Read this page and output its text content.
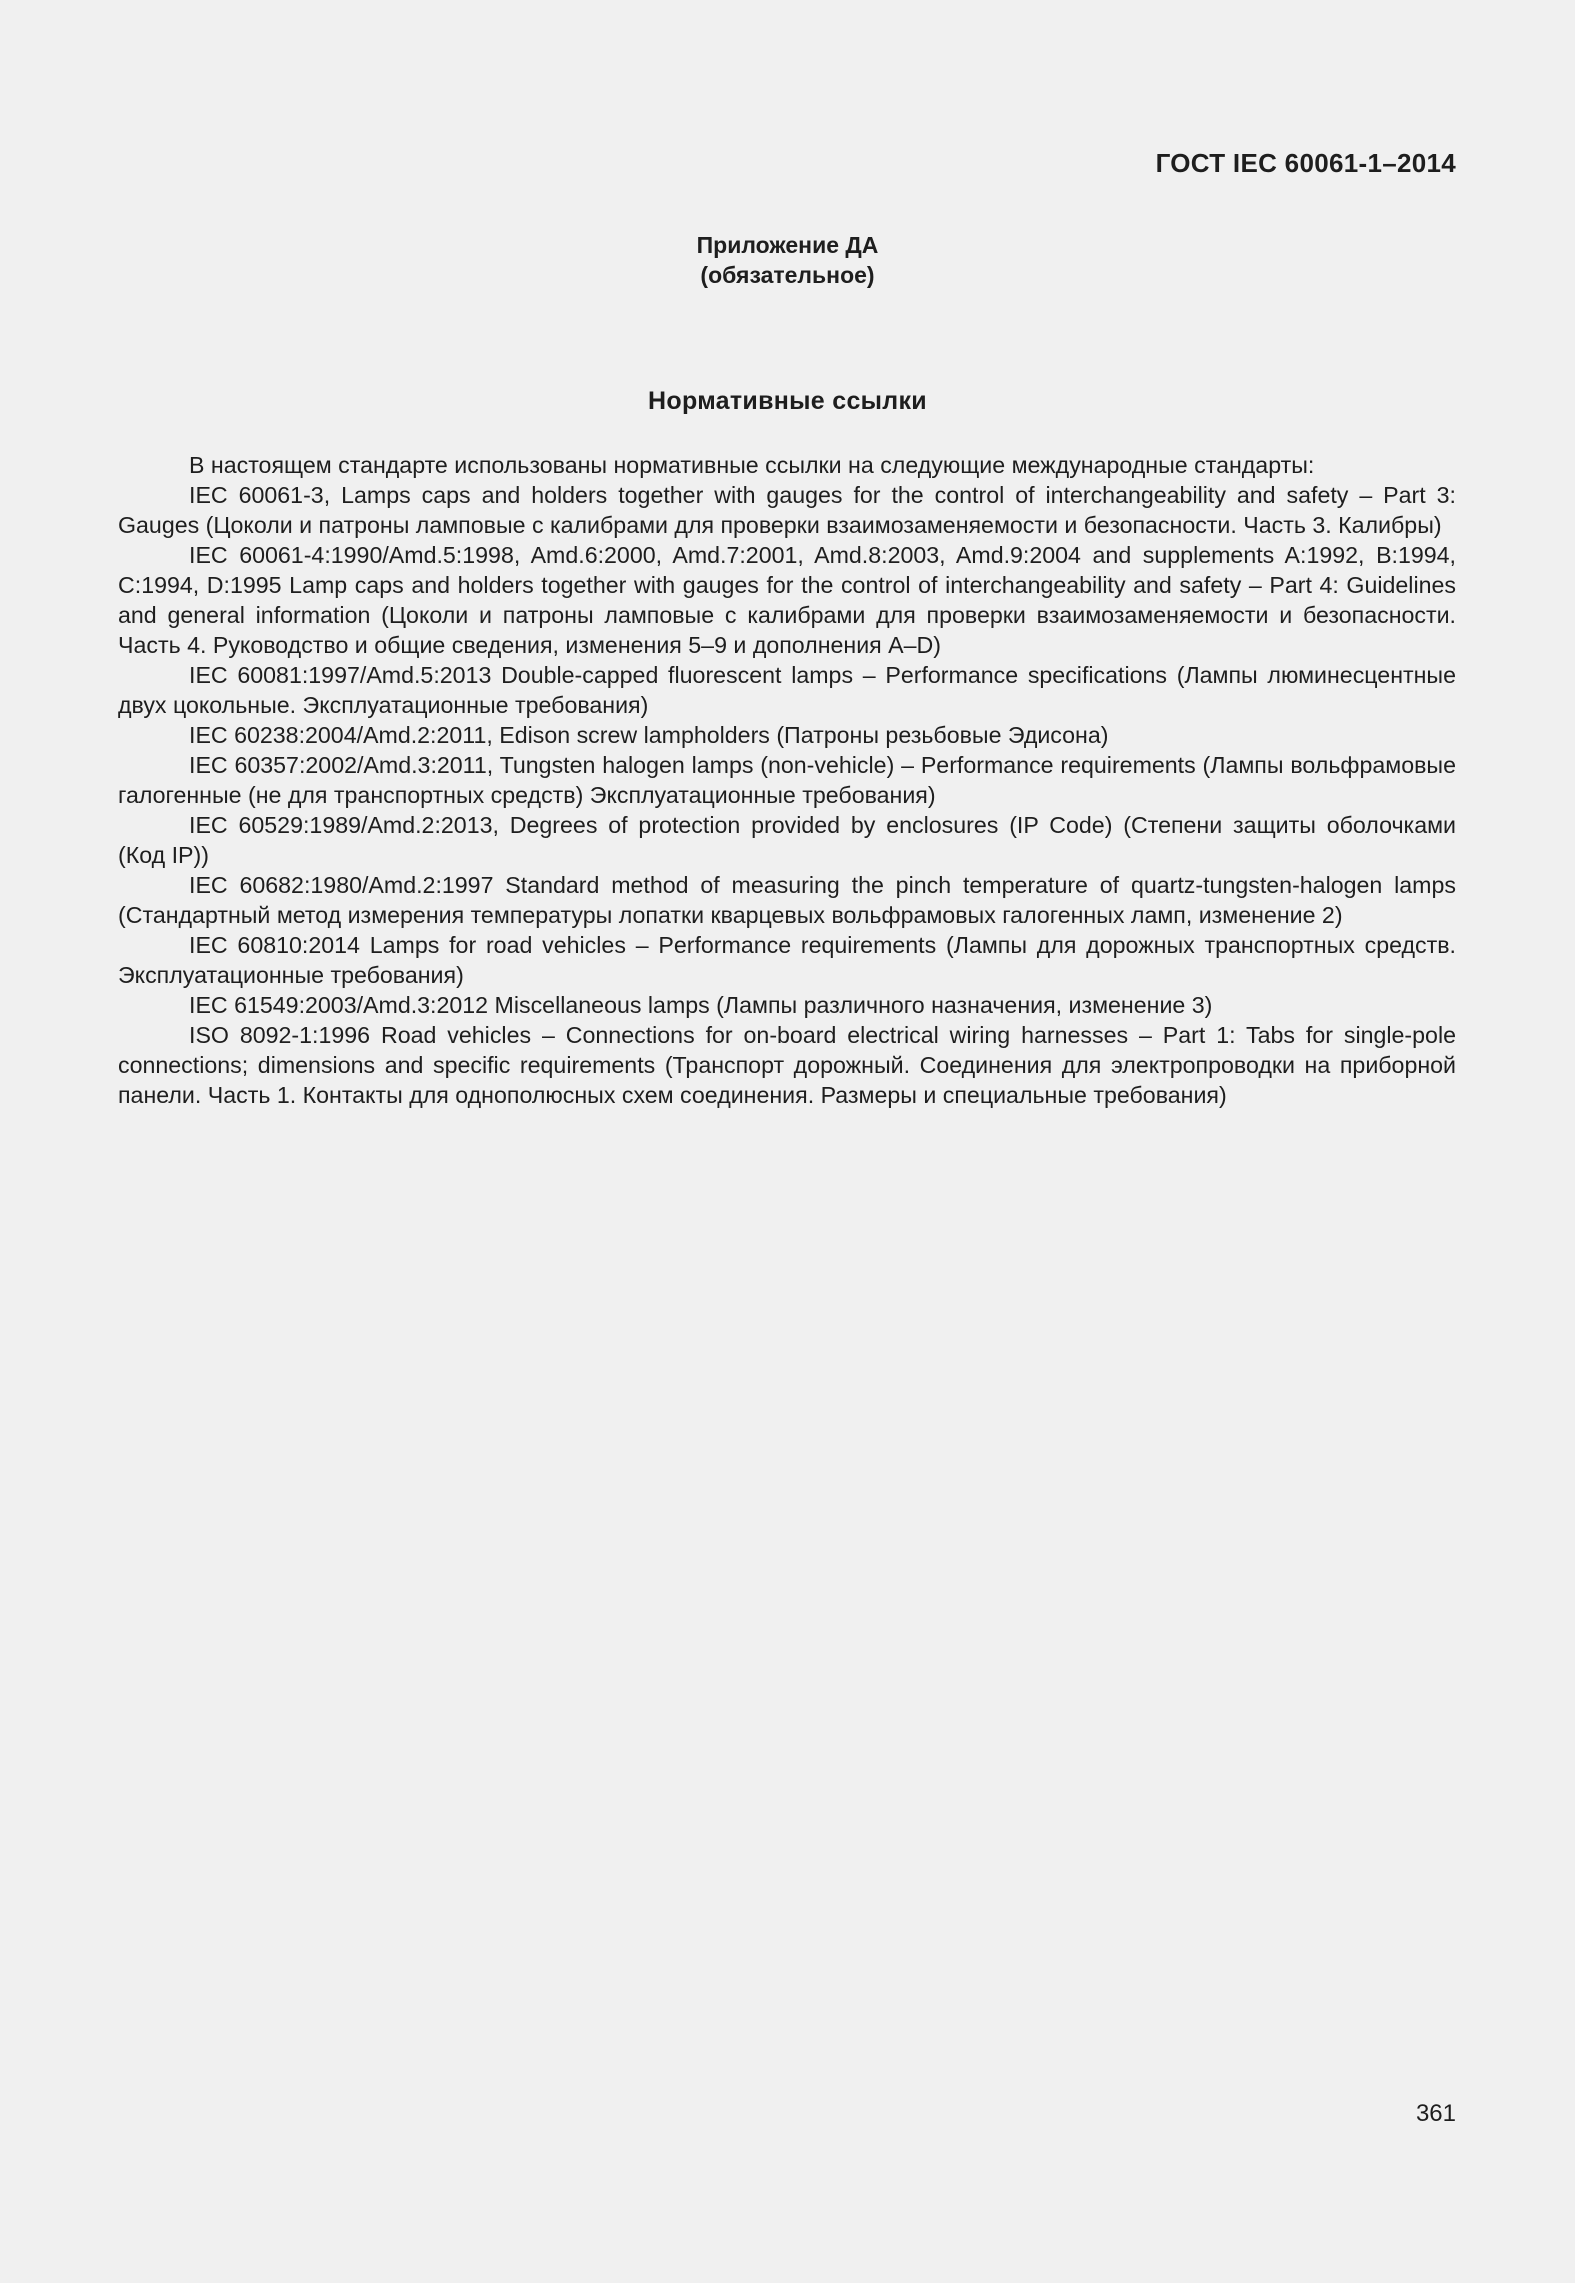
ГОСТ IEC 60061-1–2014
Приложение ДА
(обязательное)
Нормативные ссылки

В настоящем стандарте использованы нормативные ссылки на следующие международные стандарты:

IEC 60061-3, Lamps caps and holders together with gauges for the control of interchangeability and safety – Part 3: Gauges (Цоколи и патроны ламповые с калибрами для проверки взаимозаменяемости и безопасности. Часть 3. Калибры)

IEC 60061-4:1990/Amd.5:1998, Amd.6:2000, Amd.7:2001, Amd.8:2003, Amd.9:2004 and supplements A:1992, B:1994, C:1994, D:1995 Lamp caps and holders together with gauges for the control of interchangeability and safety – Part 4: Guidelines and general information (Цоколи и патроны ламповые с калибрами для проверки взаимозаменяемости и безопасности. Часть 4. Руководство и общие сведения, изменения 5–9 и дополнения A–D)

IEC 60081:1997/Amd.5:2013 Double-capped fluorescent lamps – Performance specifications (Лампы люминесцентные двух цокольные. Эксплуатационные требования)

IEC 60238:2004/Amd.2:2011, Edison screw lampholders (Патроны резьбовые Эдисона)

IEC 60357:2002/Amd.3:2011, Tungsten halogen lamps (non-vehicle) – Performance requirements (Лампы вольфрамовые галогенные (не для транспортных средств) Эксплуатационные требования)

IEC 60529:1989/Amd.2:2013, Degrees of protection provided by enclosures (IP Code) (Степени защиты оболочками (Код IP))

IEC 60682:1980/Amd.2:1997 Standard method of measuring the pinch temperature of quartz-tungsten-halogen lamps (Стандартный метод измерения температуры лопатки кварцевых вольфрамовых галогенных ламп, изменение 2)

IEC 60810:2014 Lamps for road vehicles – Performance requirements (Лампы для дорожных транспортных средств. Эксплуатационные требования)

IEC 61549:2003/Amd.3:2012 Miscellaneous lamps (Лампы различного назначения, изменение 3)

ISO 8092-1:1996 Road vehicles – Connections for on-board electrical wiring harnesses – Part 1: Tabs for single-pole connections; dimensions and specific requirements (Транспорт дорожный. Соединения для электропроводки на приборной панели. Часть 1. Контакты для однополюсных схем соединения. Размеры и специальные требования)

361
